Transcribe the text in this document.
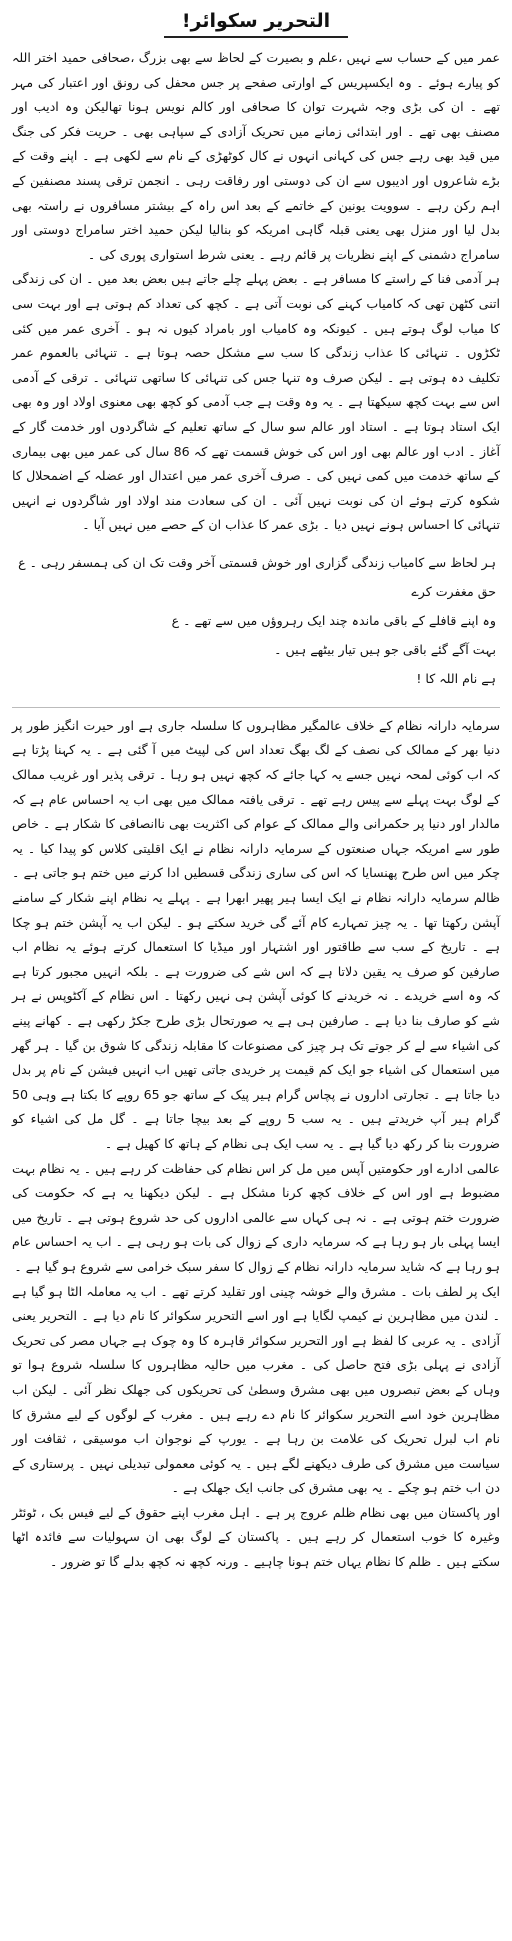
التحریر سکوائر!

عمر میں کے حساب سے نہیں ،علم و بصیرت کے لحاظ سے بھی بزرگ ،صحافی حمید اختر اللہ کو پیارے ہوئے ۔ وہ ایکسپریس کے اوارتی صفحے پر جس محفل کی رونق اور اعتبار کی مہر تھے ۔ ان کی بڑی وجہ شہرت توان کا صحافی اور کالم نویس ہونا تھالیکن وہ ادیب اور مصنف بھی تھے ۔ اور ابتدائی زمانے میں تحریک آزادی کے سپاہی بھی ۔ حریت فکر کی جنگ میں قید بھی رہے جس کی کہانی انہوں نے کال کوٹھڑی کے نام سے لکھی ہے ۔ اپنے وقت کے بڑے شاعروں اور ادیبوں سے ان کی دوستی اور رفاقت رہی ۔ انجمن ترقی پسند مصنفین کے اہم رکن رہے ۔ سوویت یونین کے خاتمے کے بعد اس راہ کے بیشتر مسافروں نے راستہ بھی بدل لیا اور منزل بھی یعنی قبلہ گاہی امریکہ کو بنالیا لیکن حمید اختر سامراج دوستی اور سامراج دشمنی کے اپنے نظریات پر قائم رہے ۔ یعنی شرط استواری پوری کی ۔

ہر آدمی فنا کے راستے کا مسافر ہے ۔ بعض پہلے چلے جاتے ہیں بعض بعد میں ۔ ان کی زندگی اتنی کٹھن تھی کہ کامیاب کہنے کی نوبت آتی ہے ۔ کچھ کی تعداد کم ہوتی ہے اور بہت سی کا میاب لوگ ہوتے ہیں ۔ کیونکہ وہ کامیاب اور بامراد کیوں نہ ہو ۔ آخری عمر میں کئی ٹکڑوں ۔ تنہائی کا عذاب زندگی کا سب سے مشکل حصہ ہوتا ہے ۔ تنہائی بالعموم عمر تکلیف دہ ہوتی ہے ۔ لیکن صرف وہ تنہا جس کی تنہائی کا ساتھی تنہائی ۔ ترقی کے آدمی اس سے بہت کچھ سیکھتا ہے ۔ یہ وہ وقت ہے جب آدمی کو کچھ بھی معنوی اولاد اور وہ بھی ایک استاد ہوتا ہے ۔ استاد اور عالم سو سال کے ساتھ تعلیم کے شاگردوں اور خدمت گار کے آغاز ۔ ادب اور عالم بھی اور اس کی خوش قسمت تھے کہ 86 سال کی عمر میں بھی بیماری کے ساتھ خدمت میں کمی نہیں کی ۔ صرف آخری عمر میں اعتدال اور عضلہ کے اضمحلال کا شکوہ کرتے ہوئے ان کی نوبت نہیں آئی ۔ ان کی سعادت مند اولاد اور شاگردوں نے انہیں تنہائی کا احساس ہونے نہیں دیا ۔ بڑی عمر کا عذاب ان کے حصے میں نہیں آیا ۔

ہر لحاظ سے کامیاب زندگی گزاری اور خوش قسمتی آخر وقت تک ان کی ہمسفر رہی ۔ ع
حق مغفرت کرے
وہ اپنے قافلے کے باقی ماندہ چند ایک رہروؤں میں سے تھے ۔ ع
بہت آگے گئے باقی جو ہیں تیار بیٹھے ہیں ۔
ہے نام اللہ کا !

سرمایہ دارانہ نظام کے خلاف عالمگیر مظاہروں کا سلسلہ جاری ہے اور حیرت انگیز طور پر دنیا بھر کے ممالک کی نصف کے لگ بھگ تعداد اس کی لپیٹ میں آ گئی ہے ۔ یہ کہنا پڑتا ہے کہ اب کوئی لمحہ نہیں جسے یہ کہا جائے کہ کچھ نہیں ہو رہا ۔ ترقی پذیر اور غریب ممالک کے لوگ بہت پہلے سے پیس رہے تھے ۔ ترقی یافتہ ممالک میں بھی اب یہ احساس عام ہے کہ مالدار اور دنیا پر حکمرانی والے ممالک کے عوام کی اکثریت بھی ناانصافی کا شکار ہے ۔ خاص طور سے امریکہ جہاں صنعتوں کے سرمایہ دارانہ نظام نے ایک اقلیتی کلاس کو پیدا کیا ۔ یہ چکر میں اس طرح پھنسایا کہ اس کی ساری زندگی قسطیں ادا کرنے میں ختم ہو جاتی ہے ۔ ظالم سرمایہ دارانہ نظام نے ایک ایسا ہیر پھیر ابھرا ہے ۔ پہلے یہ نظام اپنے شکار کے سامنے آپشن رکھتا تھا ۔ یہ چیز تمہارے کام آئے گی خرید سکتے ہو ۔ لیکن اب یہ آپشن ختم ہو چکا ہے ۔ تاریخ کے سب سے طاقتور اور اشتہار اور میڈیا کا استعمال کرتے ہوئے یہ نظام اب صارفین کو صرف یہ یقین دلاتا ہے کہ اس شے کی ضرورت ہے ۔ بلکہ انہیں مجبور کرتا ہے کہ وہ اسے خریدے ۔ نہ خریدنے کا کوئی آپشن ہی نہیں رکھتا ۔ اس نظام کے آکٹوپس نے ہر شے کو صارف بنا دیا ہے ۔ صارفین ہی ہے یہ صورتحال بڑی طرح جکڑ رکھی ہے ۔ کھانے پینے کی اشیاء سے لے کر جوتے تک ہر چیز کی مصنوعات کا مقابلہ زندگی کا شوق بن گیا ۔ ہر گھر میں استعمال کی اشیاء جو ایک کم قیمت پر خریدی جاتی تھیں اب انہیں فیشن کے نام پر بدل دیا جاتا ہے ۔ تجارتی اداروں نے پچاس گرام ہیر پیک کے ساتھ جو 65 روپے کا بکتا ہے وہی 50 گرام ہیر آپ خریدتے ہیں ۔ یہ سب 5 روپے کے بعد بیچا جاتا ہے ۔ گل مل کی اشیاء کو ضرورت بنا کر رکھ دیا گیا ہے ۔ یہ سب ایک ہی نظام کے ہاتھ کا کھیل ہے ۔

عالمی ادارے اور حکومتیں آپس میں مل کر اس نظام کی حفاظت کر رہے ہیں ۔ یہ نظام بہت مضبوط ہے اور اس کے خلاف کچھ کرنا مشکل ہے ۔ لیکن دیکھنا یہ ہے کہ حکومت کی ضرورت ختم ہوتی ہے ۔ نہ ہی کہاں سے عالمی اداروں کی حد شروع ہوتی ہے ۔ تاریخ میں ایسا پہلی بار ہو رہا ہے کہ سرمایہ داری کے زوال کی بات ہو رہی ہے ۔ اب یہ احساس عام ہو رہا ہے کہ شاید سرمایہ دارانہ نظام کے زوال کا سفر سبک خرامی سے شروع ہو گیا ہے ۔

ایک پر لطف بات ۔ مشرق والے خوشہ چینی اور تقلید کرتے تھے ۔ اب یہ معاملہ الٹا ہو گیا ہے ۔ لندن میں مظاہرین نے کیمپ لگایا ہے اور اسے التحریر سکوائر کا نام دیا ہے ۔ التحریر یعنی آزادی ۔ یہ عربی کا لفظ ہے اور التحریر سکوائر قاہرہ کا وہ چوک ہے جہاں مصر کی تحریک آزادی نے پہلی بڑی فتح حاصل کی ۔ مغرب میں حالیہ مظاہروں کا سلسلہ شروع ہوا تو وہاں کے بعض تبصروں میں بھی مشرق وسطیٰ کی تحریکوں کی جھلک نظر آئی ۔ لیکن اب مظاہرین خود اسے التحریر سکوائر کا نام دے رہے ہیں ۔ مغرب کے لوگوں کے لیے مشرق کا نام اب لبرل تحریک کی علامت بن رہا ہے ۔ یورپ کے نوجوان اب موسیقی ، ثقافت اور سیاست میں مشرق کی طرف دیکھنے لگے ہیں ۔ یہ کوئی معمولی تبدیلی نہیں ۔ پرستاری کے دن اب ختم ہو چکے ۔ یہ بھی مشرق کی جانب ایک جھلک ہے ۔

اور پاکستان میں بھی نظام ظلم عروج پر ہے ۔ اہل مغرب اپنے حقوق کے لیے فیس بک ، ٹوئٹر وغیرہ کا خوب استعمال کر رہے ہیں ۔ پاکستان کے لوگ بھی ان سہولیات سے فائدہ اٹھا سکتے ہیں ۔ ظلم کا نظام یہاں ختم ہونا چاہیے ۔ ورنہ کچھ نہ کچھ بدلے گا تو ضرور ۔
